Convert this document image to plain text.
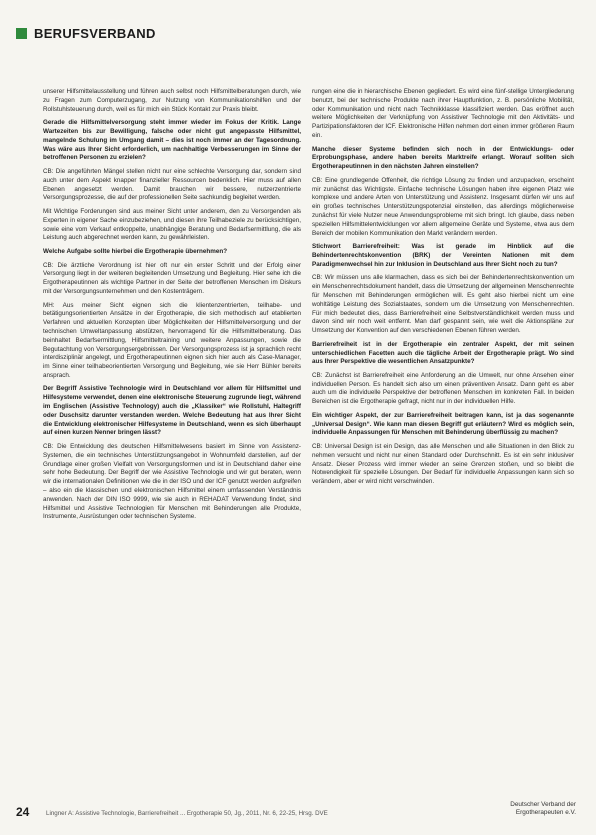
BERUFSVERBAND

unserer Hilfsmittelausstellung und führen auch selbst noch Hilfsmittelberatungen durch, wie zu Fragen zum Computerzugang, zur Nutzung von Kommunikationshilfen und der Rollstuhlsteuerung durch, weil es für mich ein Stück Kontakt zur Praxis bleibt.

Gerade die Hilfsmittelversorgung steht immer wieder im Fokus der Kritik. Lange Wartezeiten bis zur Bewilligung, falsche oder nicht gut angepasste Hilfsmittel, mangelnde Schulung im Umgang damit – dies ist noch immer an der Tagesordnung. Was wäre aus Ihrer Sicht erforderlich, um nachhaltige Verbesserungen im Sinne der betroffenen Personen zu erzielen?

CB: Die angeführten Mängel stellen nicht nur eine schlechte Versorgung dar, sondern sind auch unter dem Aspekt knapper finanzieller Ressourcen bedenklich. Hier muss auf allen Ebenen angesetzt werden. Damit brauchen wir bessere, nutzerzentrierte Versorgungsprozesse, die auf der professionellen Seite sachkundig begleitet werden.

Mit Wichtige Forderungen sind aus meiner Sicht unter anderem, den zu Versorgenden als Experten in eigener Sache einzubeziehen, und diesen ihre Teilhabeziele zu berücksichtigen, sowie eine vom Verkauf entkoppelte, unabhängige Beratung und Bedarfsermittlung, die als Leistung auch abgerechnet werden kann, zu gewährleisten.

Welche Aufgabe sollte hierbei die Ergotherapie übernehmen?

CB: Die ärztliche Verordnung ist hier oft nur ein erster Schritt und der Erfolg einer Versorgung liegt in der weiteren begleitenden Umsetzung und Begleitung. Hier sehe ich die Ergotherapeutinnen als wichtige Partner in der Seite der betroffenen Menschen im Diskurs mit der Versorgungsunternehmen und den Kostenträgern.

MH: Aus meiner Sicht eignen sich die klientenzentrierten, teilhabe- und betätigungsorientierten Ansätze in der Ergotherapie, die sich methodisch auf etablierten Verfahren und aktuellen Konzepten über Möglichkeiten der Hilfsmittelversorgung und der technischen Umweltanpassung abstützen, hervorragend für die Hilfsmittelberatung. Das beinhaltet Bedarfsermittlung, Hilfsmitteltraining und weitere Anpassungen, sowie die Begutachtung von Versorgungsergebnissen. Der Versorgungsprozess ist ja sprachlich recht interdisziplinär angelegt, und Ergotherapeutinnen eignen sich hier auch als Case-Manager, im Sinne einer teilhabeorientierten Versorgung und Begleitung, wie sie Herr Bühler bereits ansprach.

Der Begriff Assistive Technologie wird in Deutschland vor allem für Hilfsmittel und Hilfesysteme verwendet, denen eine elektronische Steuerung zugrunde liegt, während im Englischen (Assistive Technology) auch die „Klassiker“ wie Rollstuhl, Haltegriff oder Duschsitz darunter verstanden werden. Welche Bedeutung hat aus Ihrer Sicht die Entwicklung elektronischer Hilfesysteme in Deutschland, wenn es sich überhaupt auf einen kurzen Nenner bringen lässt?

CB: Die Entwicklung des deutschen Hilfsmittelwesens basiert im Sinne von Assistenz-Systemen, die ein technisches Unterstützungsangebot in Wohnumfeld darstellen, auf der Grundlage einer großen Vielfalt von Versorgungsformen und ist in Deutschland daher eine sehr hohe Bedeutung. Der Begriff der wie Assistive Technologie und wir gut beraten, wenn wir die internationalen Definitionen wie die in der ISO und der ICF genutzt werden aufgreifen – also ein die klassischen und elektronischen Hilfsmittel einem umfassenden Verständnis anwenden. Nach der DIN ISO 9999, wie sie auch in REHADAT Verwendung findet, sind Hilfsmittel und Assistive Technologien für Menschen mit Behinderungen alle Produkte, Instrumente, Ausrüstungen oder technischen Systeme.

rungen eine die in hierarchische Ebenen gegliedert. Es wird eine fünf-stellige Untergliederung benutzt, bei der technische Produkte nach ihrer Hauptfunktion, z. B. persönliche Mobilität, oder Kommunikation und nicht nach Technikklasse klassifiziert werden. Das eröffnet auch weitere Möglichkeiten der Verknüpfung von Assistiver Technologie mit den Aktivitäts- und Partizipationsfaktoren der ICF. Elektronische Hilfen nehmen dort einen immer größeren Raum ein.

Manche dieser Systeme befinden sich noch in der Entwicklungs- oder Erprobungsphase, andere haben bereits Marktreife erlangt. Worauf sollten sich Ergotherapeutinnen in den nächsten Jahren einstellen?

CB: Eine grundlegende Offenheit, die richtige Lösung zu finden und anzupacken, erscheint mir zunächst das Wichtigste. Einfache technische Lösungen haben ihre eigenen Platz wie komplexe und andere Arten von Unterstützung und Assistenz. Insgesamt dürfen wir uns auf ein großes technisches Unterstützungspotenzial einstellen, das allerdings möglicherweise zunächst für viele Nutzer neue Anwendungsprobleme mit sich bringt. Ich glaube, dass neben speziellen Hilfsmittelentwicklungen vor allem allgemeine Geräte und Systeme, etwa aus dem Bereich der mobilen Kommunikation den Markt verändern werden.

Stichwort Barrierefreiheit: Was ist gerade im Hinblick auf die Behindertenrechtskonvention (BRK) der Vereinten Nationen mit dem Paradigmenwechsel hin zur Inklusion in Deutschland aus Ihrer Sicht noch zu tun?

CB: Wir müssen uns alle klarmachen, dass es sich bei der Behindertenrechtskonvention um ein Menschenrechtsdokument handelt, dass die Umsetzung der allgemeinen Menschenrechte für Menschen mit Behinderungen ermöglichen will. Es geht also hierbei nicht um eine wohltätige Leistung des Sozialstaates, sondern um die Umsetzung von Menschenrechten. Für mich bedeutet dies, dass Barrierefreiheit eine Selbstverständlichkeit werden muss und davon sind wir noch weit entfernt. Man darf gespannt sein, wie weit die Aktionspläne zur Umsetzung der Konvention auf den verschiedenen Ebenen führen werden.

Barrierefreiheit ist in der Ergotherapie ein zentraler Aspekt, der mit seinen unterschiedlichen Facetten auch die tägliche Arbeit der Ergotherapie prägt. Wo sind aus Ihrer Perspektive die wesentlichen Ansatzpunkte?

CB: Zunächst ist Barrierefreiheit eine Anforderung an die Umwelt, nur ohne Ansehen einer individuellen Person. Es handelt sich also um einen präventiven Ansatz. Dann geht es aber auch um die individuelle Perspektive der betroffenen Menschen im konkreten Fall. In beiden Bereichen ist die Ergotherapie gefragt, nicht nur in der individuellen Hilfe.

Ein wichtiger Aspekt, der zur Barrierefreiheit beitragen kann, ist ja das sogenannte „Universal Design“. Wie kann man diesen Begriff gut erläutern? Wird es möglich sein, individuelle Anpassungen für Menschen mit Behinderung überflüssig zu machen?

CB: Universal Design ist ein Design, das alle Menschen und alle Situationen in den Blick zu nehmen versucht und nicht nur einen Standard oder Durchschnitt. Es ist ein sehr inklusiver Ansatz. Dieser Prozess wird immer wieder an seine Grenzen stoßen, und so bleibt die Notwendigkeit für spezielle Lösungen. Der Bedarf für individuelle Anpassungen kann sich so verändern, aber er wird nicht verschwinden.

24	Lingner A: Assistive Technologie, Barrierefreiheit ... Ergotherapie 50, Jg., 2011, Nr. 6, 22-25, Hrsg. DVE
Deutscher Verband der
Ergotherapeuten e.V.
